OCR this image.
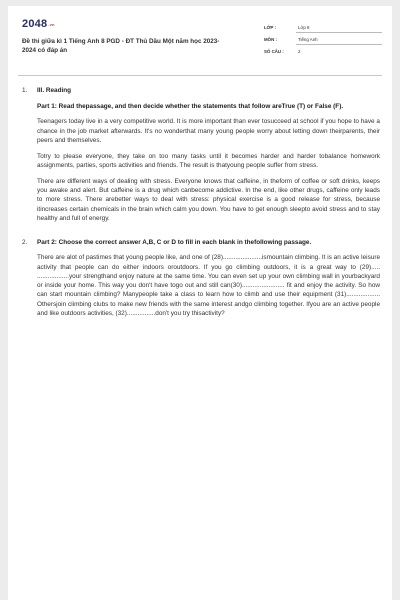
2048.vn
Đề thi giữa kì 1 Tiếng Anh 8 PGD - ĐT Thủ Dầu Một năm học 2023-2024 có đáp án
LỚP :	Lớp 8
MÔN :	Tiếng Anh
SỐ CÂU :	2
1. III. Reading

Part 1: Read thepassage, and then decide whether the statements that follow areTrue (T) or False (F).

Teenagers today live in a very competitive world. It is more important than ever tosucceed at school if you hope to have a chance in the job market afterwards. It's no wonderthat many young people worry about letting down theirparents, their peers and themselves.

Totry to please everyone, they take on too many tasks until it becomes harder and harder tobalance homework assignments, parties, sports activities and friends. The result is thatyoung people suffer from stress.

There are different ways of dealing with stress. Everyone knows that caffeine, in theform of coffee or soft drinks, keeps you awake and alert. But caffeine is a drug which canbecome addictive. In the end, like other drugs, caffeine only leads to more stress. There arebetter ways to deal with stress: physical exercise is a good release for stress, because itincreases certain chemicals in the brain which calm you down. You have to get enough sleepto avoid stress and to stay healthy and full of energy.

2. Part 2: Choose the correct answer A,B, C or D to fill in each blank in thefollowing passage.

There are alot of pastimes that young people like, and one of (28)......................ismountain climbing. It is an active leisure activity that people can do either indoors oroutdoors. If you go climbing outdoors, it is a great way to (29)..... ..................your strengthand enjoy nature at the same time. You can even set up your own climbing wall in yourbackyard or inside your home. This way you don't have togo out and still can(30)........................ fit and enjoy the activity. So how can start mountain climbing? Manypeople take a class to learn how to climb and use their equipment (31)................... Othersjoin climbing clubs to make new friends with the same interest andgo climbing together. Ifyou are an active people and like outdoors activities, (32)................don't you try thisactivity?
